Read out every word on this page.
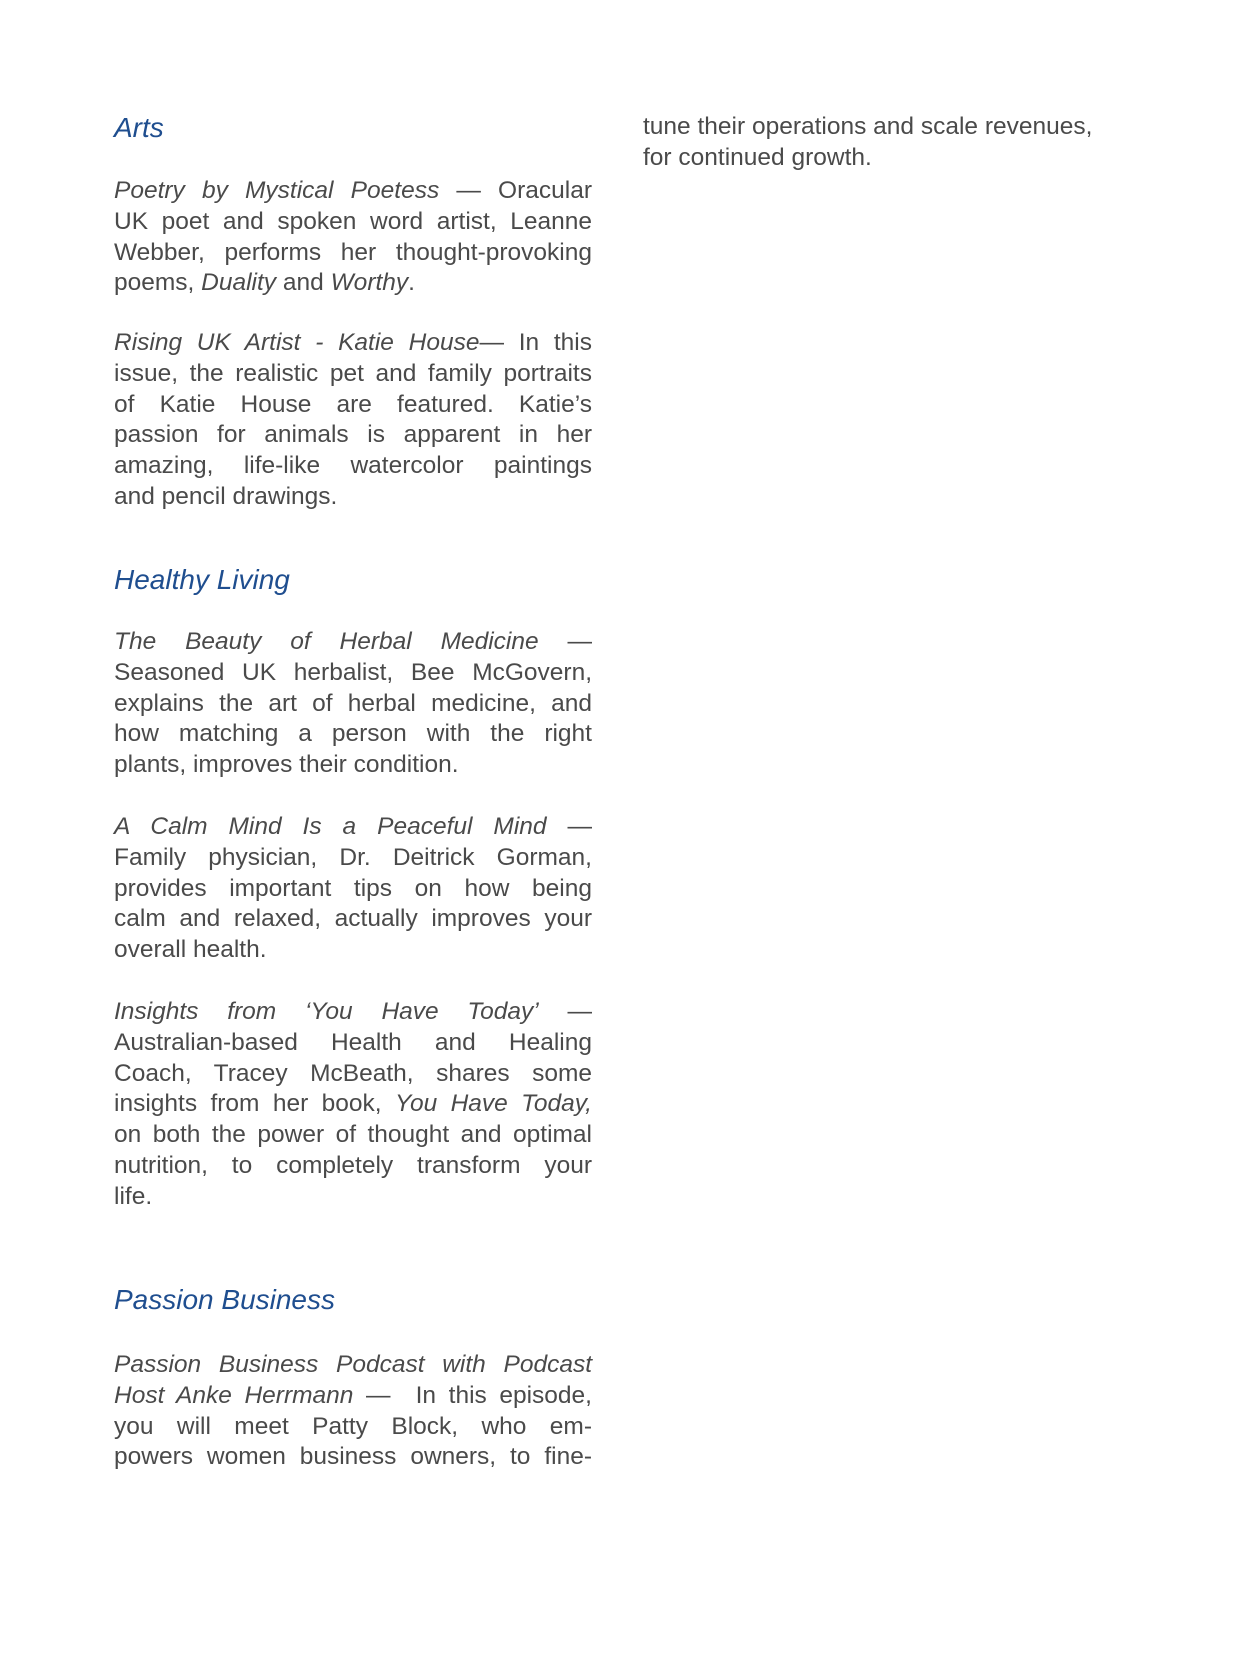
Arts
Poetry by Mystical Poetess — Oracular
UK poet and spoken word artist, Leanne
Webber, performs her thought-provoking
poems, Duality and Worthy.
Rising UK Artist - Katie House— In this
issue, the realistic pet and family portraits
of Katie House are featured. Katie’s
passion for animals is apparent in her
amazing, life-like watercolor paintings
and pencil drawings.
Healthy Living
The Beauty of Herbal Medicine —
Seasoned UK herbalist, Bee McGovern,
explains the art of herbal medicine, and
how matching a person with the right
plants, improves their condition.
A Calm Mind Is a Peaceful Mind —
Family physician, Dr. Deitrick Gorman,
provides important tips on how being
calm and relaxed, actually improves your
overall health.
Insights from ‘You Have Today’ —
Australian-based Health and Healing
Coach, Tracey McBeath, shares some
insights from her book, You Have Today,
on both the power of thought and optimal
nutrition, to completely transform your
life.
Passion Business
Passion Business Podcast with Podcast
Host Anke Herrmann — In this episode,
you will meet Patty Block, who em-
powers women business owners, to fine-

tune their operations and scale revenues,
for continued growth.
